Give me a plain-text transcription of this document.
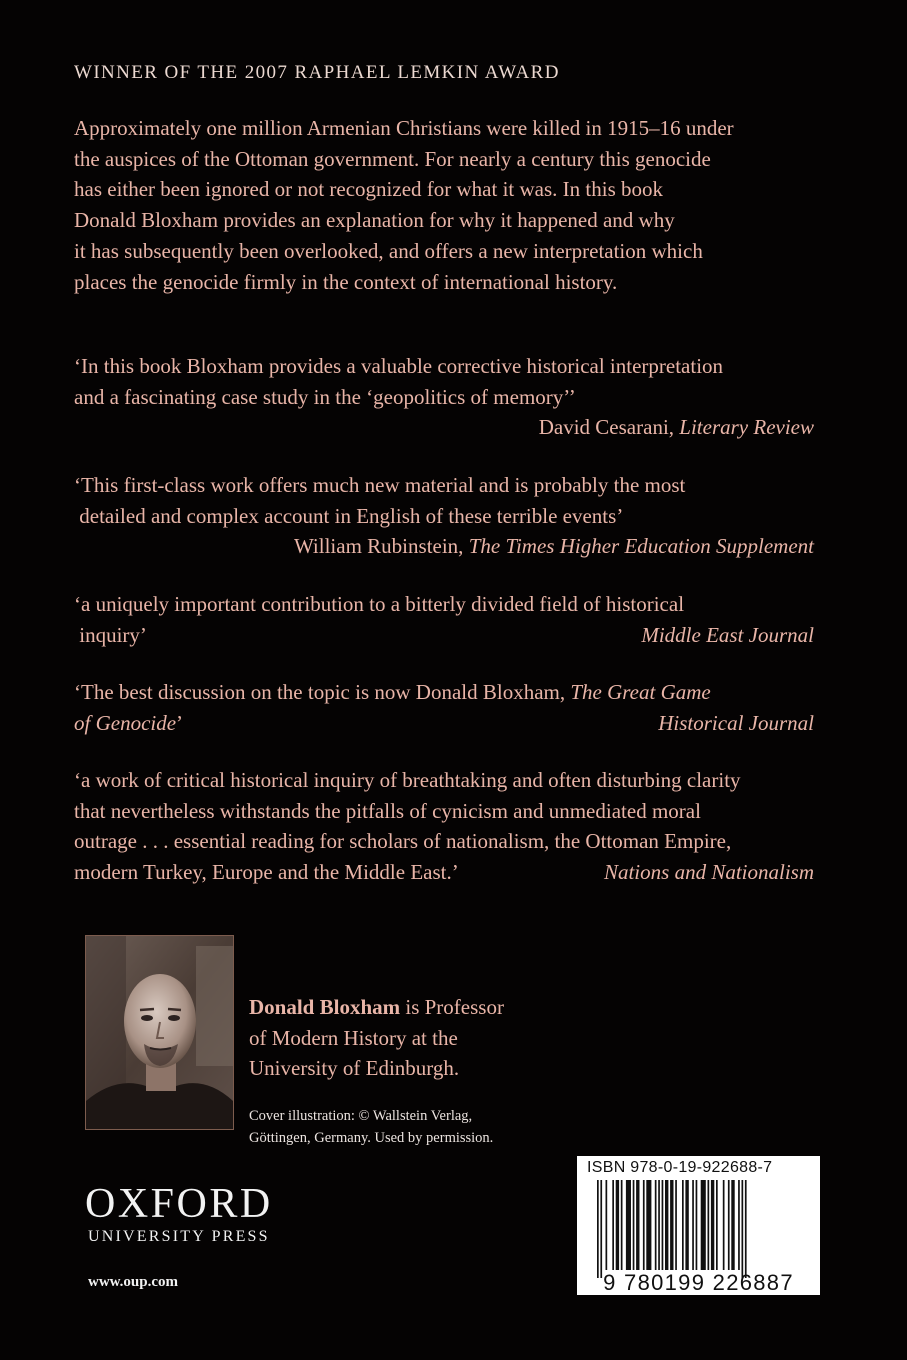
WINNER OF THE 2007 RAPHAEL LEMKIN AWARD
Approximately one million Armenian Christians were killed in 1915–16 under
the auspices of the Ottoman government. For nearly a century this genocide
has either been ignored or not recognized for what it was. In this book
Donald Bloxham provides an explanation for why it happened and why
it has subsequently been overlooked, and offers a new interpretation which
places the genocide firmly in the context of international history.
‘In this book Bloxham provides a valuable corrective historical interpretation
and a fascinating case study in the ‘geopolitics of memory’’
David Cesarani, Literary Review
‘This first-class work offers much new material and is probably the most
detailed and complex account in English of these terrible events’
William Rubinstein, The Times Higher Education Supplement
‘a uniquely important contribution to a bitterly divided field of historical
inquiry’	Middle East Journal
‘The best discussion on the topic is now Donald Bloxham, The Great Game
of Genocide’	Historical Journal
‘a work of critical historical inquiry of breathtaking and often disturbing clarity
that nevertheless withstands the pitfalls of cynicism and unmediated moral
outrage . . . essential reading for scholars of nationalism, the Ottoman Empire,
modern Turkey, Europe and the Middle East.’	Nations and Nationalism
Donald Bloxham is Professor
of Modern History at the
University of Edinburgh.
Cover illustration: © Wallstein Verlag,
Göttingen, Germany. Used by permission.
OXFORD
UNIVERSITY PRESS
www.oup.com
ISBN 978-0-19-922688-7
9 780199 226887
